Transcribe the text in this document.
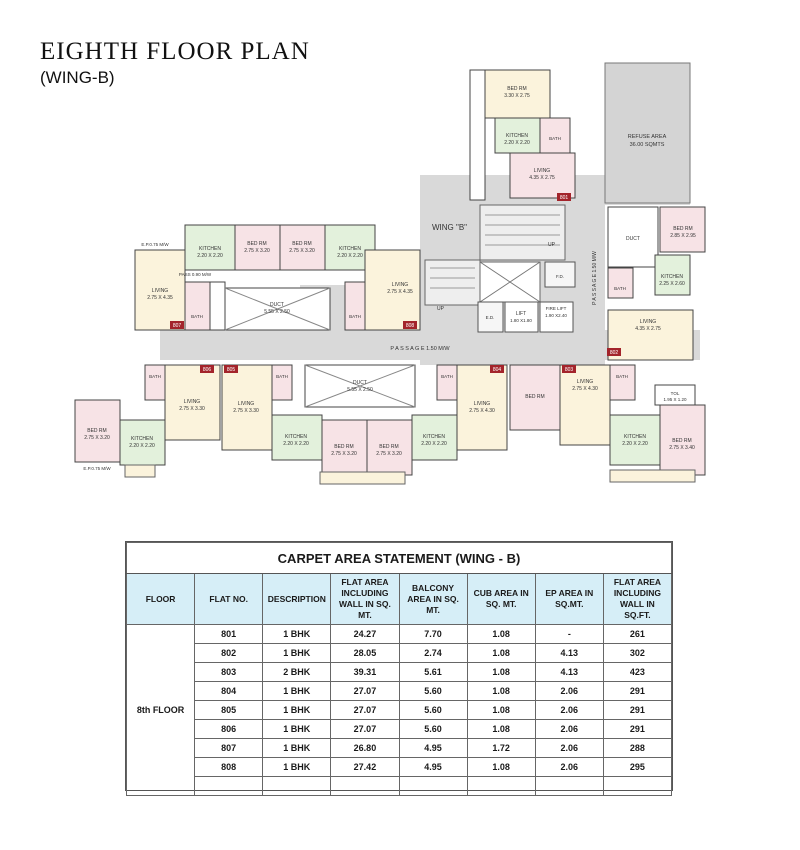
EIGHTH FLOOR PLAN
(WING-B)
REFUSE AREA
36.00 SQMTS
WING "B"
UP
UP
LIFT
1.80 X1.80
FIRE LIFT
1.90 X2.40
E.D.
F.D.
P A S S A G E 1.50 M/W
P A S S A G E 1.50 M/W
BED RM
3.30 X 2.75
KITCHEN
2.20 X 2.20
BATH
LIVING
4.35 X 2.75
801
DUCT
BED RM
2.85 X 2.95
KITCHEN
2.25 X 2.60
LIVING
4.35 X 2.75
BATH
802
LIVING
2.75 X 4.35
KITCHEN
2.20 X 2.20
BED RM
2.75 X 3.20
BATH
PASS 0.90 M/W
E.P.0.75 M/W
807
DUCT
5.55 X 2.50
BED RM
2.75 X 3.20	KITCHEN
2.20 X 2.20
LIVING
2.75 X 4.35
BATH
808
DUCT
5.55 X 2.50
BED RM
2.75 X 3.20	KITCHEN
2.20 X 2.20
LIVING
2.75 X 3.30
BATH
E.P.0.75 M/W
806
LIVING
2.75 X 3.30
KITCHEN
2.20 X 2.20	BED RM
2.75 X 3.20
BATH
805
BED RM
2.75 X 3.20
KITCHEN
2.20 X 2.20
LIVING
2.75 X 4.30
BATH
804
BED RM
LIVING
2.75 X 4.30
KITCHEN
2.20 X 2.20	BED RM
2.75 X 3.40
TOL
1.95 X 1.20
BATH
803
CARPET AREA STATEMENT (WING - B)							
FLOOR	FLAT NO.	DESCRIPTION	FLAT AREA INCLUDING WALL IN SQ. MT.	BALCONY AREA IN SQ. MT.	CUB AREA IN SQ. MT.	EP AREA IN SQ.MT.	FLAT AREA INCLUDING WALL IN SQ.FT.
8th FLOOR	801	1 BHK	24.27	7.70	1.08	-	261
	802	1 BHK	28.05	2.74	1.08	4.13	302
	803	2 BHK	39.31	5.61	1.08	4.13	423
	804	1 BHK	27.07	5.60	1.08	2.06	291
	805	1 BHK	27.07	5.60	1.08	2.06	291
	806	1 BHK	27.07	5.60	1.08	2.06	291
	807	1 BHK	26.80	4.95	1.72	2.06	288
	808	1 BHK	27.42	4.95	1.08	2.06	295
